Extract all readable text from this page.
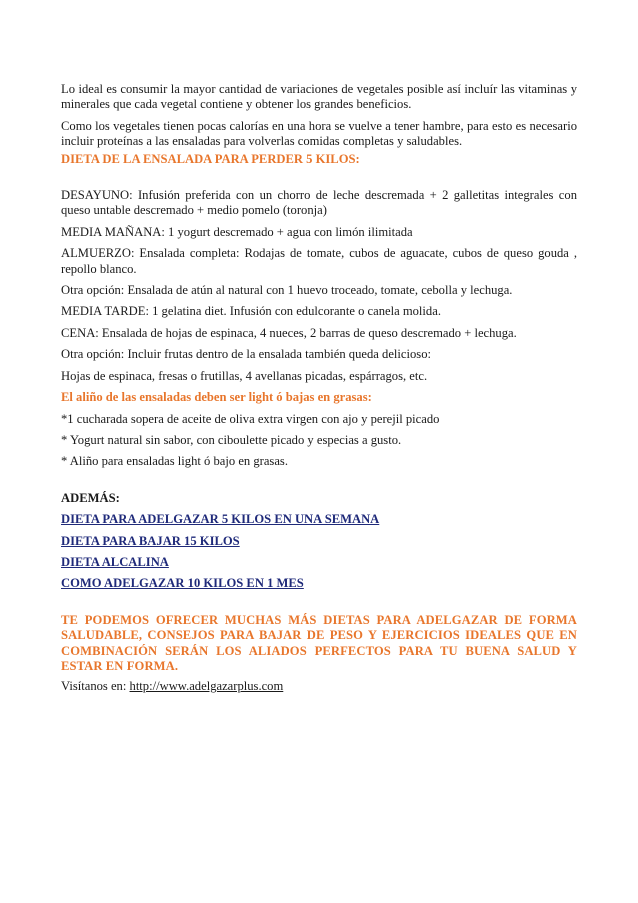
Lo ideal es consumir la mayor cantidad de variaciones de vegetales posible así incluír las vitaminas y minerales que cada vegetal contiene y obtener los grandes beneficios.

Como los vegetales tienen pocas calorías en una hora se vuelve a tener hambre, para esto es necesario incluir proteínas a las ensaladas para volverlas comidas completas y saludables.

DIETA DE LA ENSALADA PARA PERDER 5 KILOS:

DESAYUNO: Infusión preferida con un chorro de leche descremada + 2 galletitas integrales con queso untable descremado + medio pomelo (toronja)

MEDIA MAÑANA: 1 yogurt descremado + agua con limón ilimitada

ALMUERZO: Ensalada completa: Rodajas de tomate, cubos de aguacate, cubos de queso gouda , repollo blanco.

Otra opción: Ensalada de atún al natural con 1 huevo troceado, tomate, cebolla y lechuga.

MEDIA TARDE: 1 gelatina diet. Infusión con edulcorante o canela molida.

CENA: Ensalada de hojas de espinaca, 4 nueces, 2 barras de queso descremado + lechuga.

Otra opción: Incluir frutas dentro de la ensalada también queda delicioso:

Hojas de espinaca, fresas o frutillas, 4 avellanas picadas, espárragos, etc.

El aliño de las ensaladas deben ser light ó bajas en grasas:

*1 cucharada sopera de aceite de oliva extra virgen con ajo y perejil picado

* Yogurt natural sin sabor, con ciboulette picado y especias a gusto.

* Aliño para ensaladas light ó bajo en grasas.

ADEMÁS:

DIETA PARA ADELGAZAR 5 KILOS EN UNA SEMANA

DIETA PARA BAJAR 15 KILOS

DIETA ALCALINA

COMO ADELGAZAR 10 KILOS EN 1 MES

TE PODEMOS OFRECER MUCHAS MÁS DIETAS PARA ADELGAZAR DE FORMA SALUDABLE, CONSEJOS PARA BAJAR DE PESO Y EJERCICIOS IDEALES QUE EN COMBINACIÓN SERÁN LOS ALIADOS PERFECTOS PARA TU BUENA SALUD Y ESTAR EN FORMA.

Visítanos en: http://www.adelgazarplus.com
